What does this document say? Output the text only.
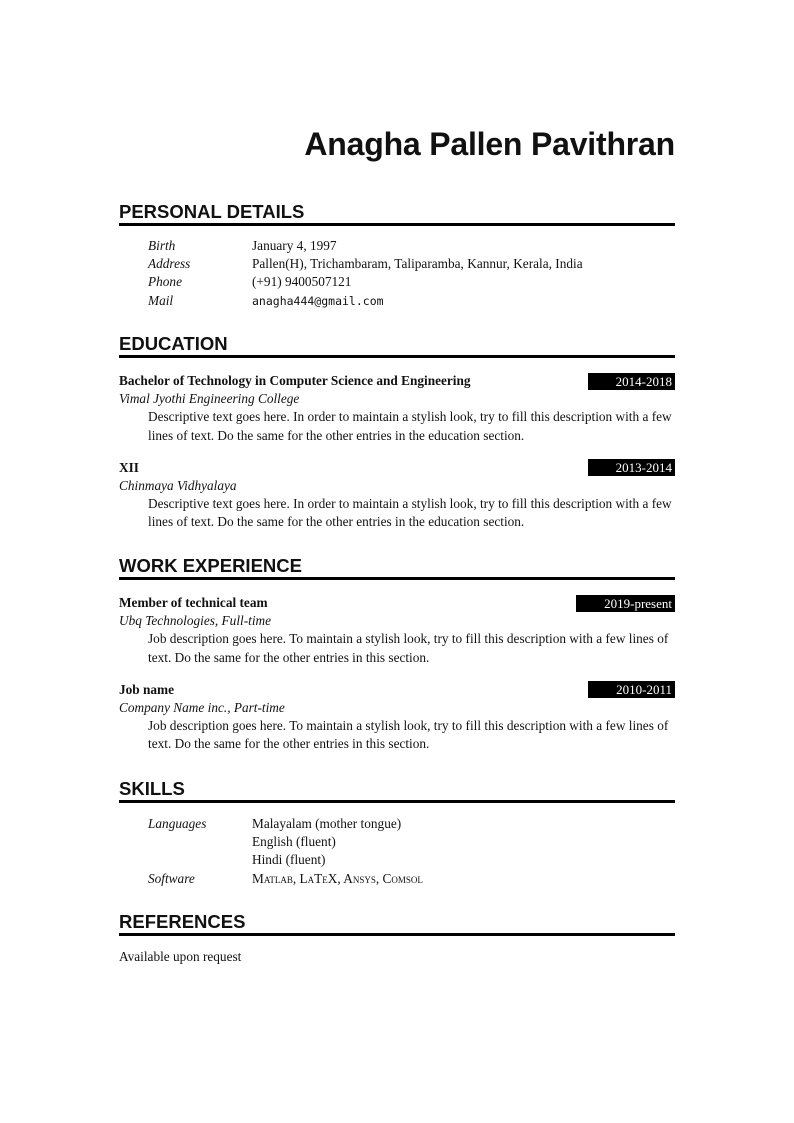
Anagha Pallen Pavithran
PERSONAL DETAILS
Birth	January 4, 1997
Address	Pallen(H), Trichambaram, Taliparamba, Kannur, Kerala, India
Phone	(+91) 9400507121
Mail	anagha444@gmail.com
EDUCATION
Bachelor of Technology in Computer Science and Engineering	2014-2018
Vimal Jyothi Engineering College
Descriptive text goes here. In order to maintain a stylish look, try to fill this description with a few lines of text. Do the same for the other entries in the education section.
XII	2013-2014
Chinmaya Vidhyalaya
Descriptive text goes here. In order to maintain a stylish look, try to fill this description with a few lines of text. Do the same for the other entries in the education section.
WORK EXPERIENCE
Member of technical team	2019-present
Ubq Technologies, Full-time
Job description goes here. To maintain a stylish look, try to fill this description with a few lines of text. Do the same for the other entries in this section.
Job name	2010-2011
Company Name inc., Part-time
Job description goes here. To maintain a stylish look, try to fill this description with a few lines of text. Do the same for the other entries in this section.
SKILLS
Languages	Malayalam (mother tongue)
English (fluent)
Hindi (fluent)
Software	Matlab, LaTeX, Ansys, Comsol
REFERENCES
Available upon request
